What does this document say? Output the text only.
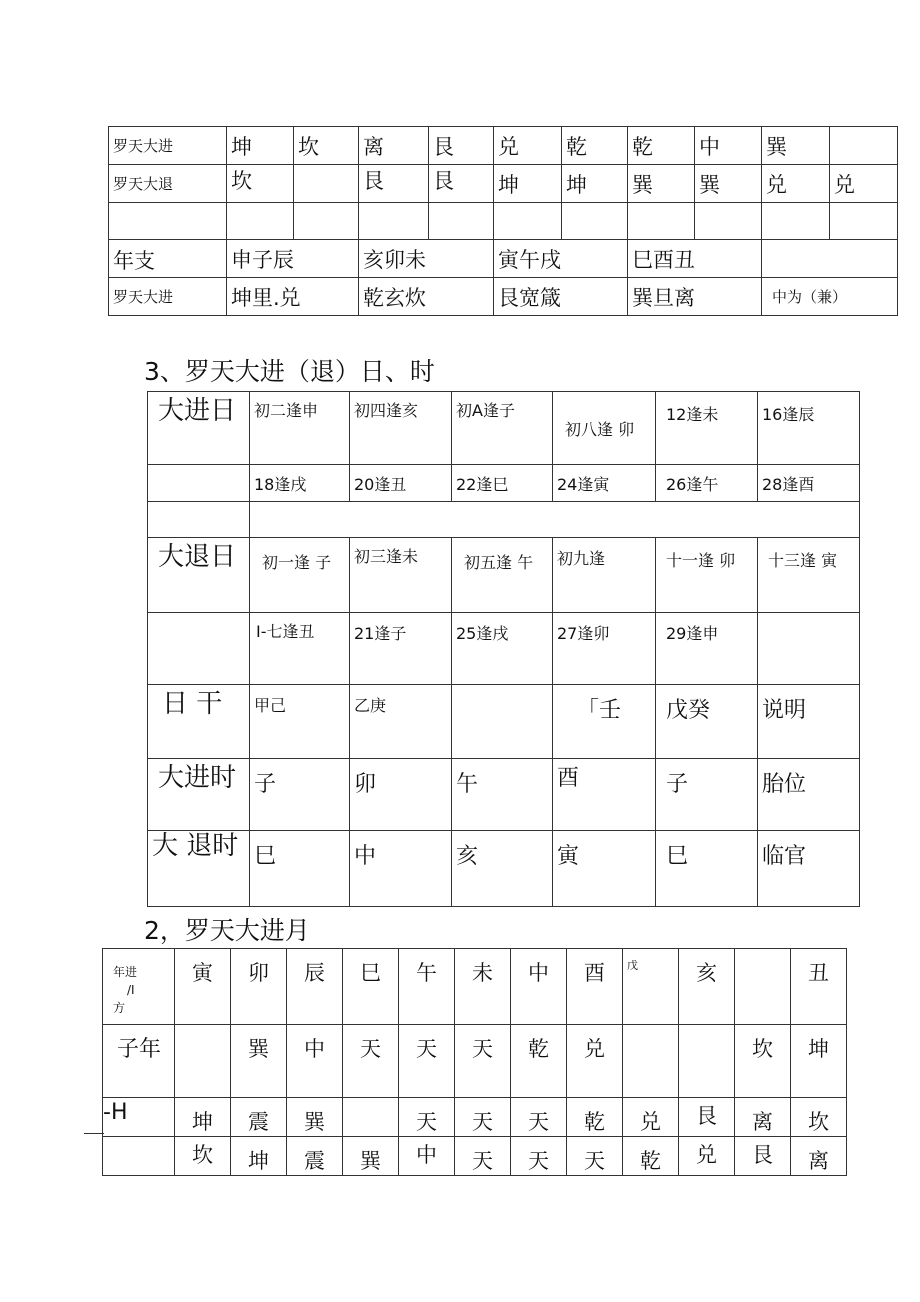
罗天大进	坤	坎	离	艮	兑	乾	乾	中	巽	
罗天大退	坎		艮	艮	坤	坤	巽	巽	兑	兑

年支	申子辰		亥卯未		寅午戌		巳酉丑			
罗天大进	坤里.兑		乾玄炊		艮宽箴		巽旦离		中为（兼）	
3、罗天大进（退）日、时
大进日	初二逢申	初四逢亥	初A逢子	初八逢 卯	12逢未	16逢辰
	18逢戌	20逢丑	22逢巳	24逢寅	26逢午	28逢酉

大退日	初一逢 子	初三逢未	初五逢 午	初九逢	十一逢 卯	十三逢 寅
	I-七逢丑	21逢子	25逢戌	27逢卯	29逢申	
日 干	甲己	乙庚		「壬	戊癸	说明
大进时	子	卯	午	酉	子	胎位
大 退时	巳	中	亥	寅	巳	临官
2，罗天大进月
年进
/I
方	寅	卯	辰	巳	午	未	中	酉	戊	亥		丑
子年		巽	中	天	天	天	乾	兑			坎	坤
-H	坤	震	巽		天	天	天	乾	兑	艮	离	坎
	坎	坤	震	巽	中	天	天	天	乾	兑	艮	离
